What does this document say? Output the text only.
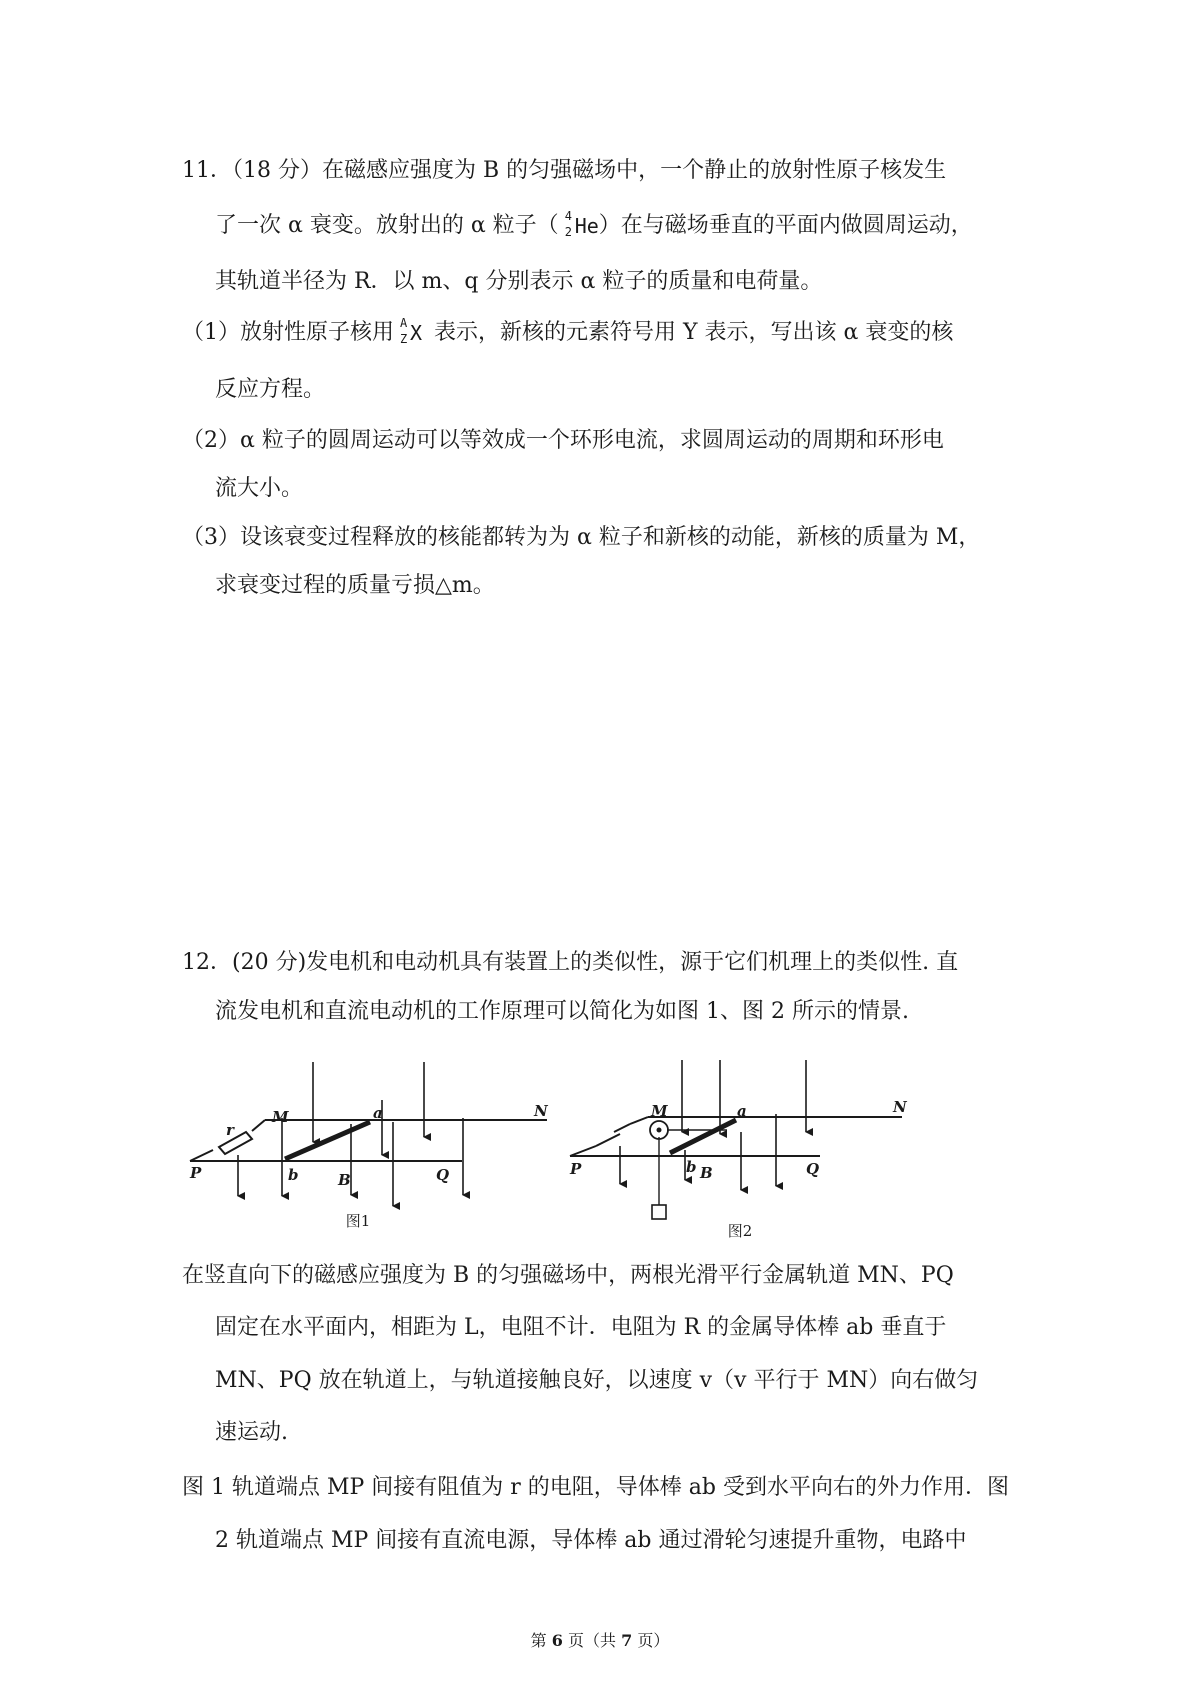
11．（18 分）在磁感应强度为 B 的匀强磁场中，一个静止的放射性原子核发生
了一次 α 衰变。放射出的 α 粒子（ 4
2 He ）在与磁场垂直的平面内做圆周运动，
其轨道半径为 R．以 m、q 分别表示 α 粒子的质量和电荷量。
（1）放射性原子核用 A
Z X 表示，新核的元素符号用 Y 表示，写出该 α 衰变的核
反应方程。
（2）α 粒子的圆周运动可以等效成一个环形电流，求圆周运动的周期和环形电
流大小。
（3）设该衰变过程释放的核能都转为为 α 粒子和新核的动能，新核的质量为 M，
求衰变过程的质量亏损△m。
12．(20 分)发电机和电动机具有装置上的类似性，源于它们机理上的类似性. 直
流发电机和直流电动机的工作原理可以简化为如图 1、图 2 所示的情景.
M	a	N
r
P	b	B	Q
图1
M	a	N
P	b B	Q
图2
在竖直向下的磁感应强度为 B 的匀强磁场中，两根光滑平行金属轨道 MN、PQ
固定在水平面内，相距为 L，电阻不计．电阻为 R 的金属导体棒 ab 垂直于
MN、PQ 放在轨道上，与轨道接触良好，以速度 v（v 平行于 MN）向右做匀
速运动.
图 1 轨道端点 MP 间接有阻值为 r 的电阻，导体棒 ab 受到水平向右的外力作用．图
2 轨道端点 MP 间接有直流电源，导体棒 ab 通过滑轮匀速提升重物，电路中
第 6 页（共 7 页）
